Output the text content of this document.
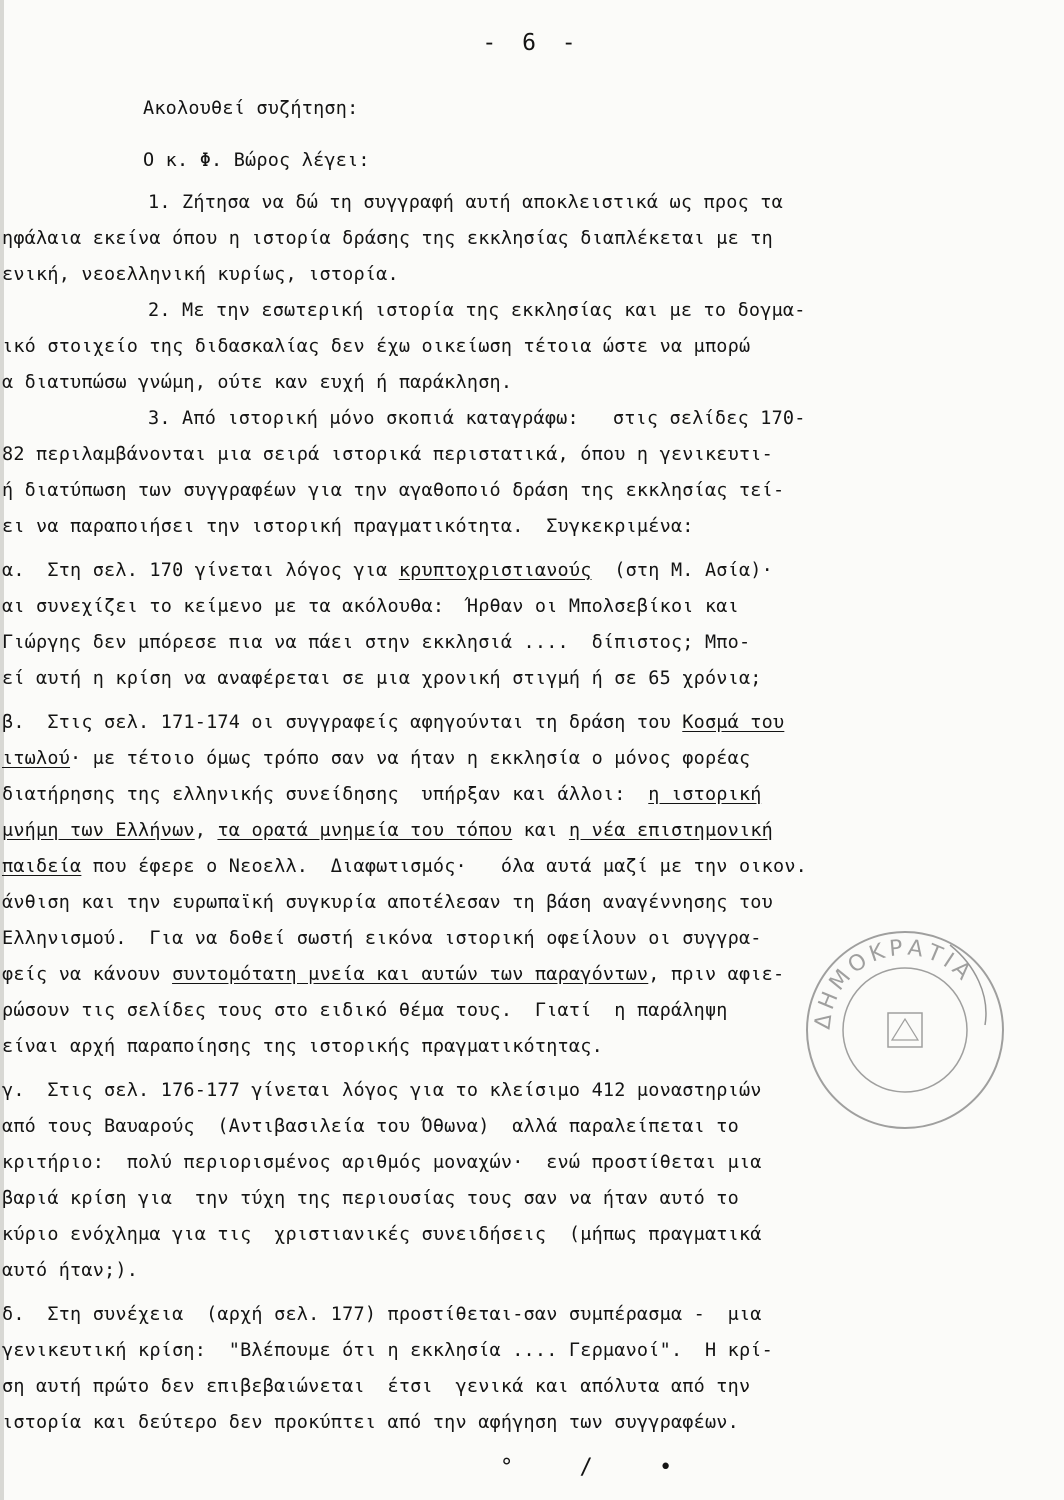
- 6 -
Ακολουθεί συζήτηση:
Ο κ. Φ. Βώρος λέγει:
1. Ζήτησα να δώ τη συγγραφή αυτή αποκλειστικά ως προς τα
ηφάλαια εκείνα όπου η ιστορία δράσης της εκκλησίας διαπλέκεται με τη
ενική, νεοελληνική κυρίως, ιστορία.
2. Με την εσωτερική ιστορία της εκκλησίας και με το δογμα-
ικό στοιχείο της διδασκαλίας δεν έχω οικείωση τέτοια ώστε να μπορώ
α διατυπώσω γνώμη, ούτε καν ευχή ή παράκληση.
3. Από ιστορική μόνο σκοπιά καταγράφω:   στις σελίδες 170-
82 περιλαμβάνονται μια σειρά ιστορικά περιστατικά, όπου η γενικευτι-
ή διατύπωση των συγγραφέων για την αγαθοποιό δράση της εκκλησίας τεί-
ει να παραποιήσει την ιστορική πραγματικότητα.  Συγκεκριμένα:
α.  Στη σελ. 170 γίνεται λόγος για κρυπτοχριστιανούς  (στη Μ. Ασία)·
αι συνεχίζει το κείμενο με τα ακόλουθα:  Ήρθαν οι Μπολσεβίκοι και
Γιώργης δεν μπόρεσε πια να πάει στην εκκλησιά ....  δίπιστος; Μπο-
εί αυτή η κρίση να αναφέρεται σε μια χρονική στιγμή ή σε 65 χρόνια;
β.  Στις σελ. 171-174 οι συγγραφείς αφηγούνται τη δράση του Κοσμά του
ιτωλού· με τέτοιο όμως τρόπο σαν να ήταν η εκκλησία ο μόνος φορέας
διατήρησης της ελληνικής συνείδησης  υπήρξαν και άλλοι:  η ιστορική
μνήμη των Ελλήνων, τα ορατά μνημεία του τόπου και η νέα επιστημονική
παιδεία που έφερε ο Νεοελλ.  Διαφωτισμός·   όλα αυτά μαζί με την οικον.
άνθιση και την ευρωπαϊκή συγκυρία αποτέλεσαν τη βάση αναγέννησης του
Ελληνισμού.  Για να δοθεί σωστή εικόνα ιστορική οφείλουν οι συγγρα-
φείς να κάνουν συντομότατη μνεία και αυτών των παραγόντων, πριν αφιε-
ρώσουν τις σελίδες τους στο ειδικό θέμα τους.  Γιατί  η παράληψη
είναι αρχή παραποίησης της ιστορικής πραγματικότητας.
γ.  Στις σελ. 176-177 γίνεται λόγος για το κλείσιμο 412 μοναστηριών
από τους Βαυαρούς  (Αντιβασιλεία του Όθωνα)  αλλά παραλείπεται το
κριτήριο:  πολύ περιορισμένος αριθμός μοναχών·  ενώ προστίθεται μια
βαριά κρίση για  την τύχη της περιουσίας τους σαν να ήταν αυτό το
κύριο ενόχλημα για τις  χριστιανικές συνειδήσεις  (μήπως πραγματικά
αυτό ήταν;).
δ.  Στη συνέχεια  (αρχή σελ. 177) προστίθεται-σαν συμπέρασμα -  μια
γενικευτική κρίση:  "Βλέπουμε ότι η εκκλησία .... Γερμανοί".  Η κρί-
ση αυτή πρώτο δεν επιβεβαιώνεται  έτσι  γενικά και απόλυτα από την
ιστορία και δεύτερο δεν προκύπτει από την αφήγηση των συγγραφέων.
ΔΗΜΟΚΡΑΤΙΑ
°     /     •
